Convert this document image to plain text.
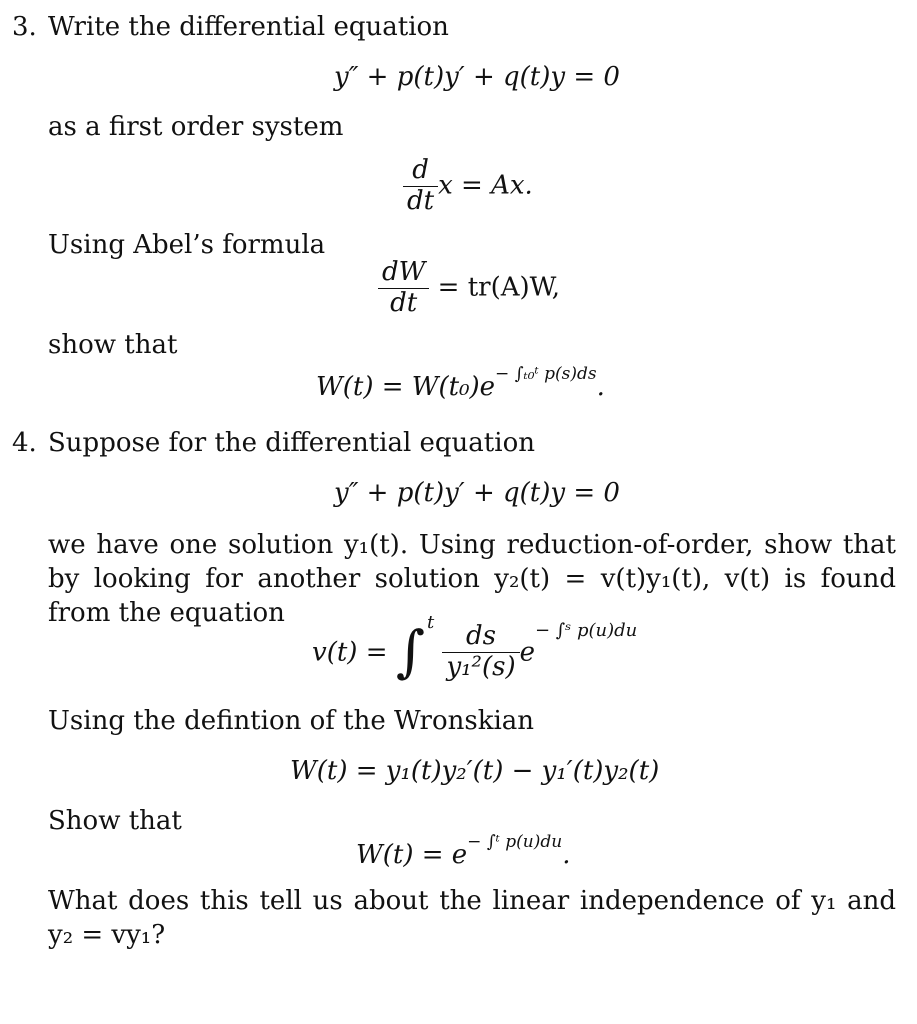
3. Write the differential equation
y″ + p(t)y′ + q(t)y = 0
as a first order system
$\frac{d}{dt}$ x = Ax.
Using Abel’s formula
$\frac{dW}{dt} = tr(A)W$,
show that
$W(t) = W(t_0)e^{- \int_{t0}ᵗ p(s)ds}$.
4. Suppose for the differential equation
y″ + p(t)y′ + q(t)y = 0
we have one solution y₁(t). Using reduction-of-order, show that by looking for another solution y₂(t) = v(t)y₁(t), v(t) is found from the equation
v(t) = ∫ $^t \frac{ds}{\text{y₁²(s)}} e^{- \int ˢ p(u)du}$
Using the defintion of the Wronskian
W(t) = y₁(t)y₂′(t) − y₁′(t)y₂(t)
Show that
$W(t) = e^{- \int ᵗ p(u)du}$.
What does this tell us about the linear independence of y₁ and y₂ = vy₁?
